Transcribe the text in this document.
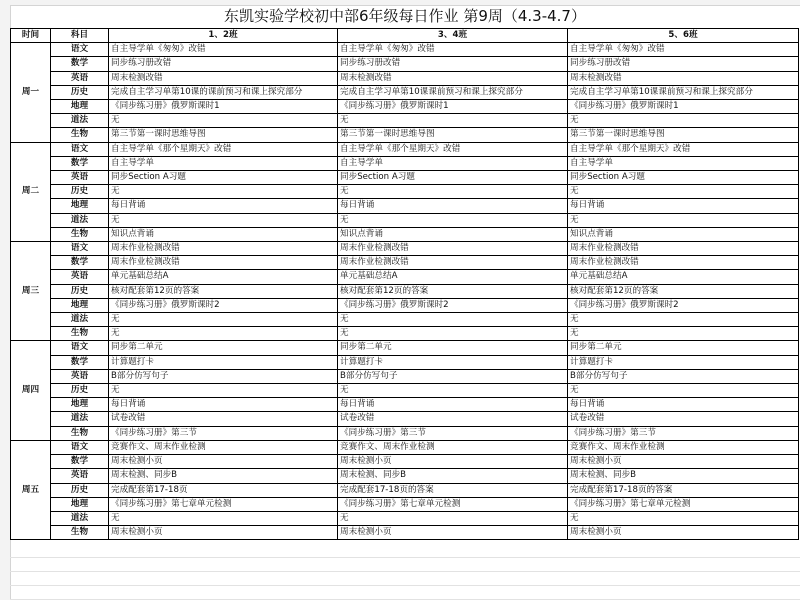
东凯实验学校初中部6年级每日作业 第9周（4.3-4.7）
时间	科目	1、2班	3、4班	5、6班
周一	语文	自主导学单《匆匆》改错	自主导学单《匆匆》改错	自主导学单《匆匆》改错
	数学	同步练习册改错	同步练习册改错	同步练习册改错
	英语	周末检测改错	周末检测改错	周末检测改错
	历史	完成自主学习单第10课的课前预习和课上探究部分	完成自主学习单第10课课前预习和课上探究部分	完成自主学习单第10课课前预习和课上探究部分
	地理	《同步练习册》俄罗斯课时1	《同步练习册》俄罗斯课时1	《同步练习册》俄罗斯课时1
	道法	无	无	无
	生物	第三节第一课时思维导图	第三节第一课时思维导图	第三节第一课时思维导图
周二	语文	自主导学单《那个星期天》改错	自主导学单《那个星期天》改错	自主导学单《那个星期天》改错
	数学	自主导学单	自主导学单	自主导学单
	英语	同步Section A习题	同步Section A习题	同步Section A习题
	历史	无	无	无
	地理	每日背诵	每日背诵	每日背诵
	道法	无	无	无
	生物	知识点背诵	知识点背诵	知识点背诵
周三	语文	周末作业检测改错	周末作业检测改错	周末作业检测改错
	数学	周末作业检测改错	周末作业检测改错	周末作业检测改错
	英语	单元基础总结A	单元基础总结A	单元基础总结A
	历史	核对配套第12页的答案	核对配套第12页的答案	核对配套第12页的答案
	地理	《同步练习册》俄罗斯课时2	《同步练习册》俄罗斯课时2	《同步练习册》俄罗斯课时2
	道法	无	无	无
	生物	无	无	无
周四	语文	同步第二单元	同步第二单元	同步第二单元
	数学	计算题打卡	计算题打卡	计算题打卡
	英语	B部分仿写句子	B部分仿写句子	B部分仿写句子
	历史	无	无	无
	地理	每日背诵	每日背诵	每日背诵
	道法	试卷改错	试卷改错	试卷改错
	生物	《同步练习册》第三节	《同步练习册》第三节	《同步练习册》第三节
周五	语文	竞赛作文、周末作业检测	竞赛作文、周末作业检测	竞赛作文、周末作业检测
	数学	周末检测小页	周末检测小页	周末检测小页
	英语	周末检测、同步B	周末检测、同步B	周末检测、同步B
	历史	完成配套第17-18页	完成配套17-18页的答案	完成配套第17-18页的答案
	地理	《同步练习册》第七章单元检测	《同步练习册》第七章单元检测	《同步练习册》第七章单元检测
	道法	无	无	无
	生物	周末检测小页	周末检测小页	周末检测小页
